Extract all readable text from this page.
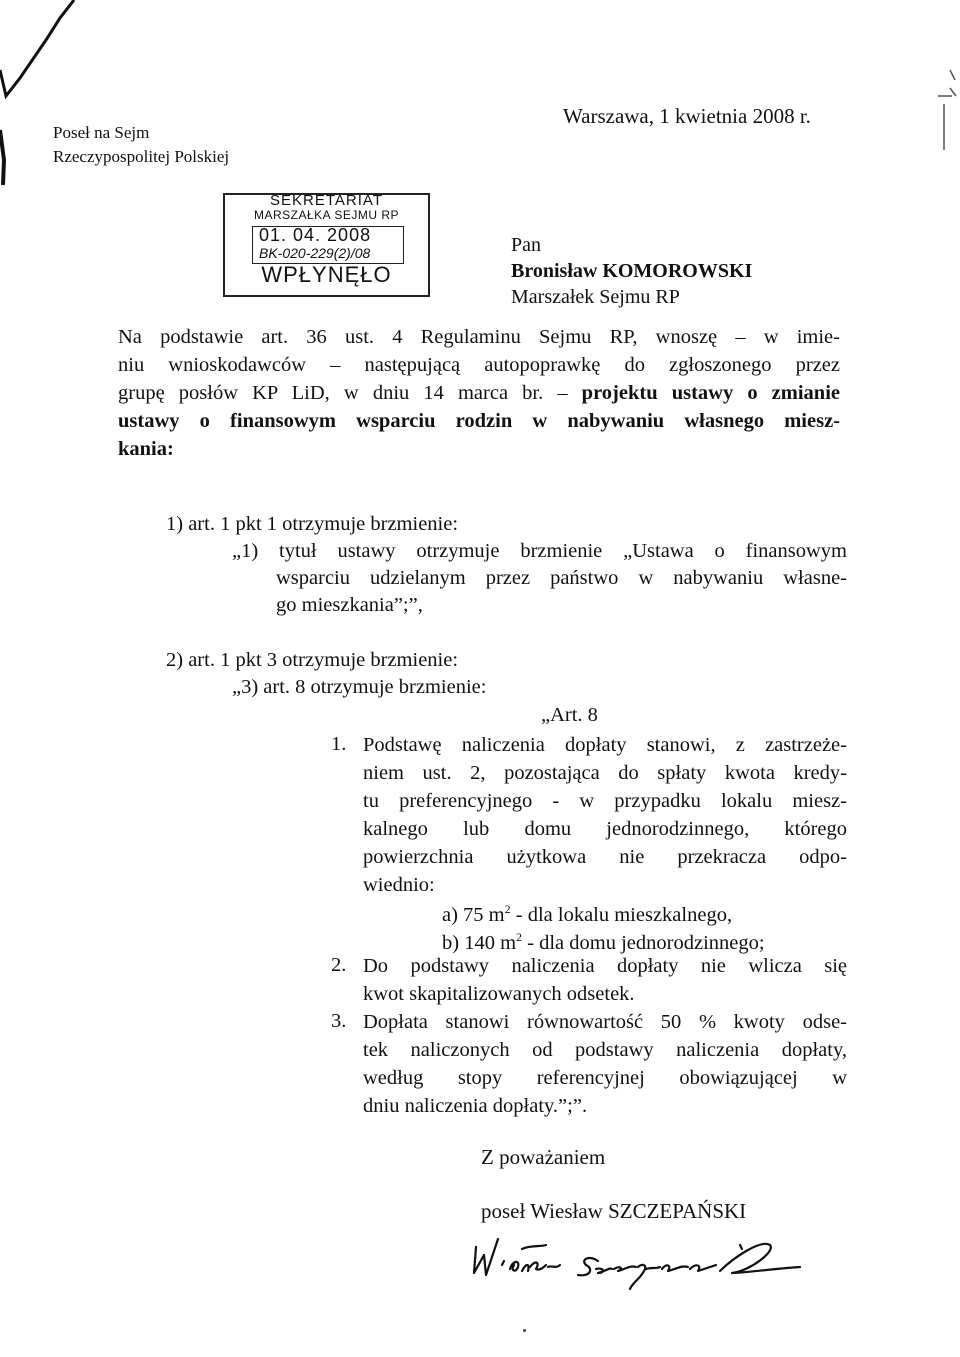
Poseł na Sejm
Rzeczypospolitej Polskiej
Warszawa, 1 kwietnia 2008 r.
SEKRETARIAT
MARSZAŁKA SEJMU RP
01. 04. 2008
BK-020-229(2)/08
WPŁYNĘŁO
Pan
Bronisław KOMOROWSKI
Marszałek Sejmu RP
Na podstawie art. 36 ust. 4 Regulaminu Sejmu RP, wnoszę – w imie-
niu wnioskodawców – następującą autopoprawkę do zgłoszonego przez
grupę posłów KP LiD, w dniu 14 marca br. – projektu ustawy o zmianie
ustawy o finansowym wsparciu rodzin w nabywaniu własnego miesz-
kania:
1) art. 1 pkt 1 otrzymuje brzmienie:
„1) tytuł ustawy otrzymuje brzmienie „Ustawa o finansowym
wsparciu udzielanym przez państwo w nabywaniu własne-
go mieszkania”;”,
2) art. 1 pkt 3 otrzymuje brzmienie:
„3) art. 8 otrzymuje brzmienie:
„Art. 8
1. Podstawę naliczenia dopłaty stanowi, z zastrzeże-
niem ust. 2, pozostająca do spłaty kwota kredy-
tu preferencyjnego - w przypadku lokalu miesz-
kalnego lub domu jednorodzinnego, którego
powierzchnia użytkowa nie przekracza odpo-
wiednio:
a) 75 $m^2$ - dla lokalu mieszkalnego,
b) 140 $m^2$ - dla domu jednorodzinnego;
2. Do podstawy naliczenia dopłaty nie wlicza się
kwot skapitalizowanych odsetek.
3. Dopłata stanowi równowartość 50 % kwoty odse-
tek naliczonych od podstawy naliczenia dopłaty,
według stopy referencyjnej obowiązującej w
dniu naliczenia dopłaty.”;”.
Z poważaniem
poseł Wiesław SZCZEPAŃSKI
